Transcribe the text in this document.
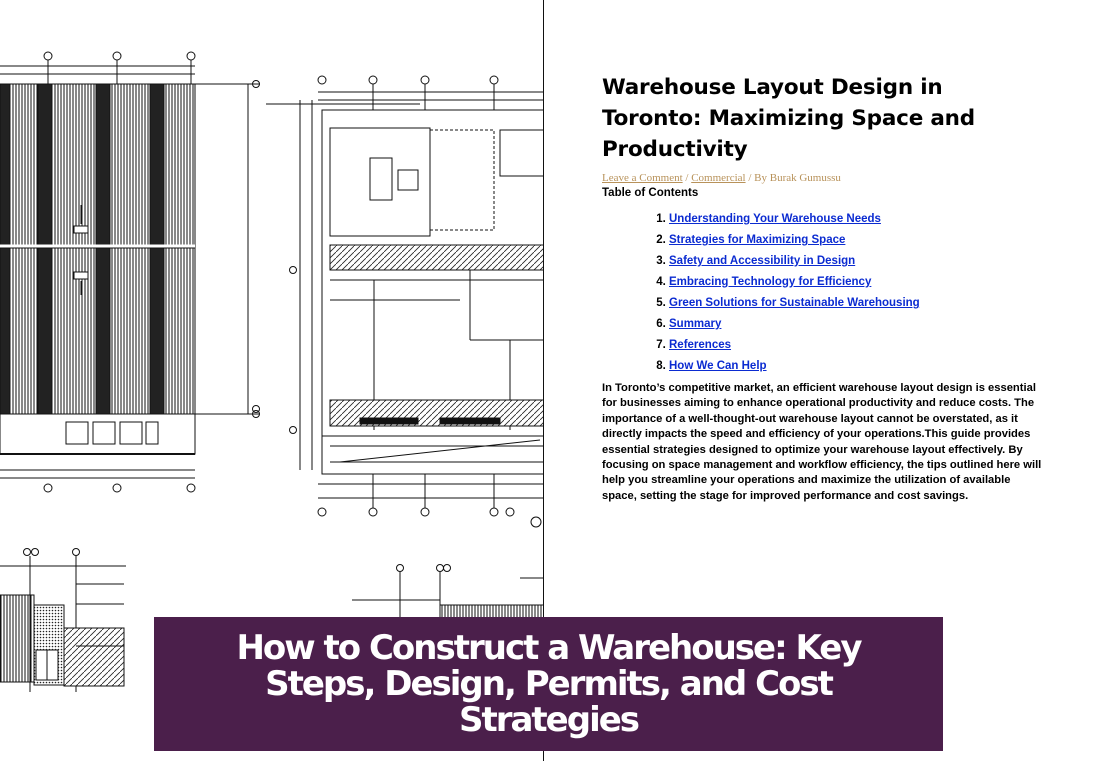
Warehouse Layout Design in Toronto: Maximizing Space and Productivity
Leave a Comment / Commercial / By Burak Gumussu
Table of Contents
1. Understanding Your Warehouse Needs
2. Strategies for Maximizing Space
3. Safety and Accessibility in Design
4. Embracing Technology for Efficiency
5. Green Solutions for Sustainable Warehousing
6. Summary
7. References
8. How We Can Help

In Toronto’s competitive market, an efficient warehouse layout design is essential for businesses aiming to enhance operational productivity and reduce costs. The importance of a well-thought-out warehouse layout cannot be overstated, as it directly impacts the speed and efficiency of your operations.This guide provides essential strategies designed to optimize your warehouse layout effectively. By focusing on space management and workflow efficiency, the tips outlined here will help you streamline your operations and maximize the utilization of available space, setting the stage for improved performance and cost savings.

How to Construct a Warehouse: Key Steps, Design, Permits, and Cost Strategies
